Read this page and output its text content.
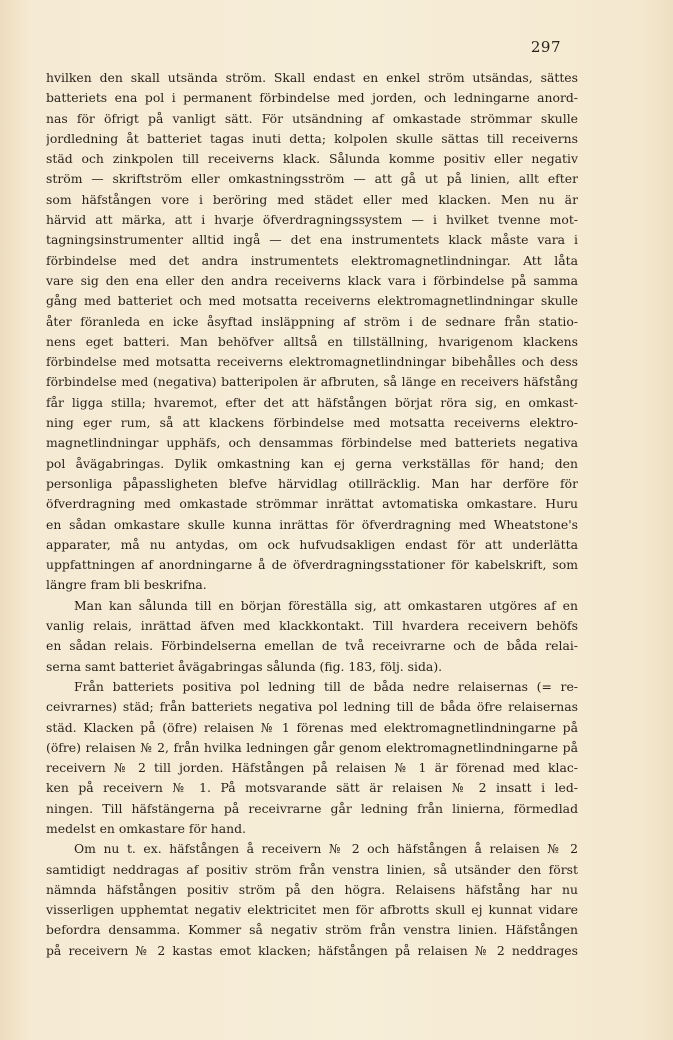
297
hvilken den skall utsända ström. Skall endast en enkel ström utsändas, sättes
batteriets ena pol i permanent förbindelse med jorden, och ledningarne anord-
nas för öfrigt på vanligt sätt. För utsändning af omkastade strömmar skulle
jordledning åt batteriet tagas inuti detta; kolpolen skulle sättas till receiverns
städ och zinkpolen till receiverns klack. Sålunda komme positiv eller negativ
ström — skriftström eller omkastningsström — att gå ut på linien, allt efter
som häfstången vore i beröring med städet eller med klacken. Men nu är
härvid att märka, att i hvarje öfverdragningssystem — i hvilket tvenne mot-
tagningsinstrumenter alltid ingå — det ena instrumentets klack måste vara i
förbindelse med det andra instrumentets elektromagnetlindningar. Att låta
vare sig den ena eller den andra receiverns klack vara i förbindelse på samma
gång med batteriet och med motsatta receiverns elektromagnetlindningar skulle
åter föranleda en icke åsyftad insläppning af ström i de sednare från statio-
nens eget batteri. Man behöfver alltså en tillställning, hvarigenom klackens
förbindelse med motsatta receiverns elektromagnetlindningar bibehålles och dess
förbindelse med (negativa) batteripolen är afbruten, så länge en receivers häfstång
får ligga stilla; hvaremot, efter det att häfstången börjat röra sig, en omkast-
ning eger rum, så att klackens förbindelse med motsatta receiverns elektro-
magnetlindningar upphäfs, och densammas förbindelse med batteriets negativa
pol åvägabringas. Dylik omkastning kan ej gerna verkställas för hand; den
personliga påpassligheten blefve härvidlag otillräcklig. Man har derföre för
öfverdragning med omkastade strömmar inrättat avtomatiska omkastare. Huru
en sådan omkastare skulle kunna inrättas för öfverdragning med Wheatstone's
apparater, må nu antydas, om ock hufvudsakligen endast för att underlätta
uppfattningen af anordningarne å de öfverdragningsstationer för kabelskrift, som
längre fram bli beskrifna.
Man kan sålunda till en början föreställa sig, att omkastaren utgöres af en
vanlig relais, inrättad äfven med klackkontakt. Till hvardera receivern behöfs
en sådan relais. Förbindelserna emellan de två receivrarne och de båda relai-
serna samt batteriet åvägabringas sålunda (fig. 183, följ. sida).
Från batteriets positiva pol ledning till de båda nedre relaisernas (= re-
ceivrarnes) städ; från batteriets negativa pol ledning till de båda öfre relaisernas
städ. Klacken på (öfre) relaisen № 1 förenas med elektromagnetlindningarne på
(öfre) relaisen № 2, från hvilka ledningen går genom elektromagnetlindningarne på
receivern № 2 till jorden. Häfstången på relaisen № 1 är förenad med klac-
ken på receivern № 1. På motsvarande sätt är relaisen № 2 insatt i led-
ningen. Till häfstängerna på receivrarne går ledning från linierna, förmedlad
medelst en omkastare för hand.
Om nu t. ex. häfstången å receivern № 2 och häfstången å relaisen № 2
samtidigt neddragas af positiv ström från venstra linien, så utsänder den först
nämnda häfstången positiv ström på den högra. Relaisens häfstång har nu
visserligen upphemtat negativ elektricitet men för afbrotts skull ej kunnat vidare
befordra densamma. Kommer så negativ ström från venstra linien. Häfstången
på receivern № 2 kastas emot klacken; häfstången på relaisen № 2 neddrages
